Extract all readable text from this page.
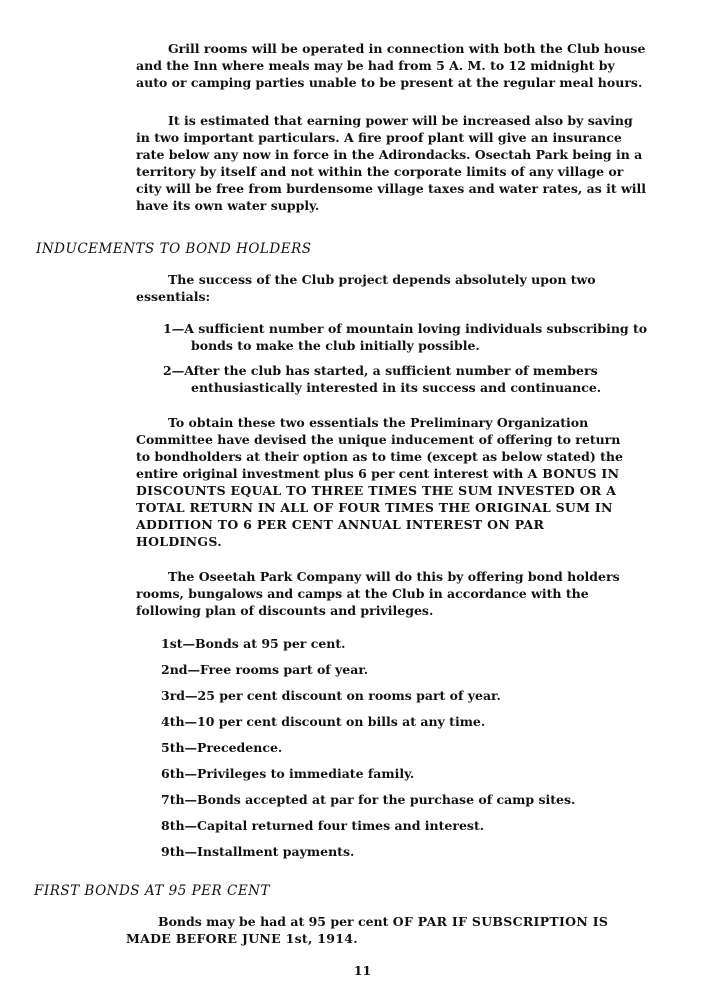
Grill rooms will be operated in connection with both the Club house and the Inn where meals may be had from 5 A. M. to 12 midnight by auto or camping parties unable to be present at the regular meal hours.

It is estimated that earning power will be increased also by saving in two important particulars. A fire proof plant will give an insurance rate below any now in force in the Adirondacks. Osectah Park being in a territory by itself and not within the corporate limits of any village or city will be free from burdensome village taxes and water rates, as it will have its own water supply.

INDUCEMENTS TO BOND HOLDERS

The success of the Club project depends absolutely upon two essentials:

1—A sufficient number of mountain loving individuals subscribing to bonds to make the club initially possible.

2—After the club has started, a sufficient number of members enthusiastically interested in its success and continuance.

To obtain these two essentials the Preliminary Organization Committee have devised the unique inducement of offering to return to bondholders at their option as to time (except as below stated) the entire original investment plus 6 per cent interest with A BONUS IN DISCOUNTS EQUAL TO THREE TIMES THE SUM INVESTED OR A TOTAL RETURN IN ALL OF FOUR TIMES THE ORIGINAL SUM IN ADDITION TO 6 PER CENT ANNUAL INTEREST ON PAR HOLDINGS.

The Oseetah Park Company will do this by offering bond holders rooms, bungalows and camps at the Club in accordance with the following plan of discounts and privileges.

1st—Bonds at 95 per cent.

2nd—Free rooms part of year.

3rd—25 per cent discount on rooms part of year.

4th—10 per cent discount on bills at any time.

5th—Precedence.

6th—Privileges to immediate family.

7th—Bonds accepted at par for the purchase of camp sites.

8th—Capital returned four times and interest.

9th—Installment payments.

FIRST BONDS AT 95 PER CENT

Bonds may be had at 95 per cent OF PAR IF SUBSCRIPTION IS MADE BEFORE JUNE 1st, 1914.

11
